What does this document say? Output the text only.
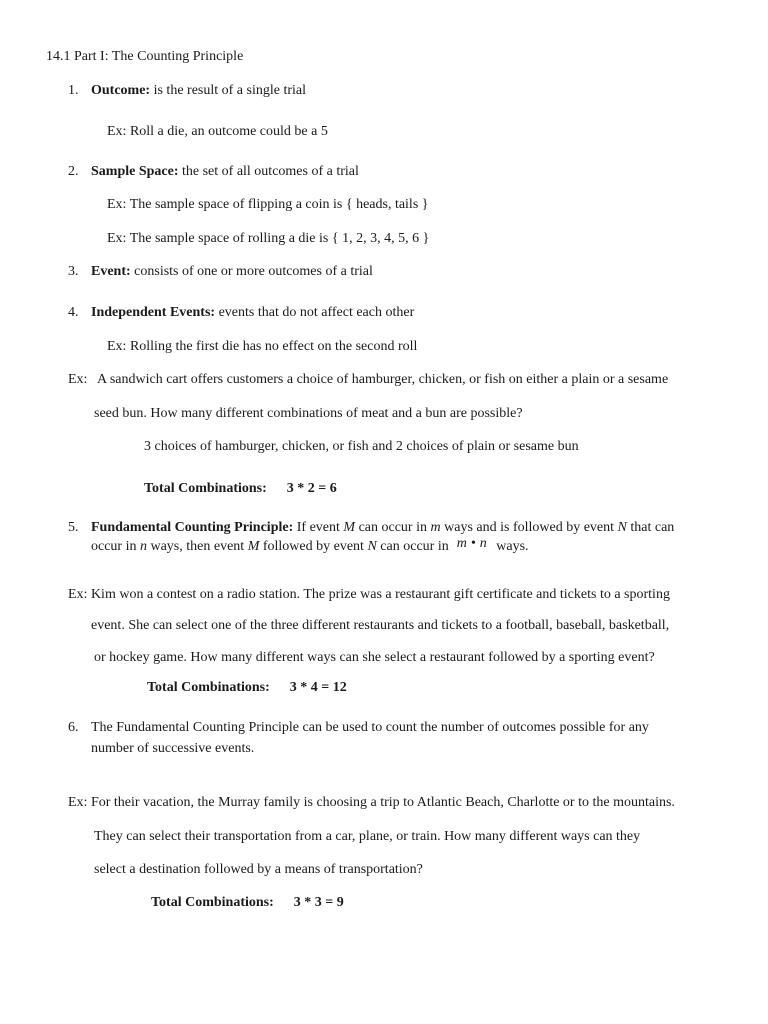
14.1 Part I: The Counting Principle
1. Outcome: is the result of a single trial
Ex: Roll a die, an outcome could be a 5
2. Sample Space: the set of all outcomes of a trial
Ex: The sample space of flipping a coin is { heads, tails }
Ex: The sample space of rolling a die is { 1, 2, 3, 4, 5, 6 }
3. Event: consists of one or more outcomes of a trial
4. Independent Events: events that do not affect each other
Ex: Rolling the first die has no effect on the second roll
Ex: A sandwich cart offers customers a choice of hamburger, chicken, or fish on either a plain or a sesame
seed bun. How many different combinations of meat and a bun are possible?
3 choices of hamburger, chicken, or fish and 2 choices of plain or sesame bun
Total Combinations: 3 * 2 = 6
5. Fundamental Counting Principle: If event M can occur in m ways and is followed by event N that can
occur in n ways, then event M followed by event N can occur in m • n ways.
Ex: Kim won a contest on a radio station. The prize was a restaurant gift certificate and tickets to a sporting
event. She can select one of the three different restaurants and tickets to a football, baseball, basketball,
or hockey game. How many different ways can she select a restaurant followed by a sporting event?
Total Combinations: 3 * 4 = 12
6. The Fundamental Counting Principle can be used to count the number of outcomes possible for any
number of successive events.
Ex: For their vacation, the Murray family is choosing a trip to Atlantic Beach, Charlotte or to the mountains.
They can select their transportation from a car, plane, or train. How many different ways can they
select a destination followed by a means of transportation?
Total Combinations: 3 * 3 = 9
